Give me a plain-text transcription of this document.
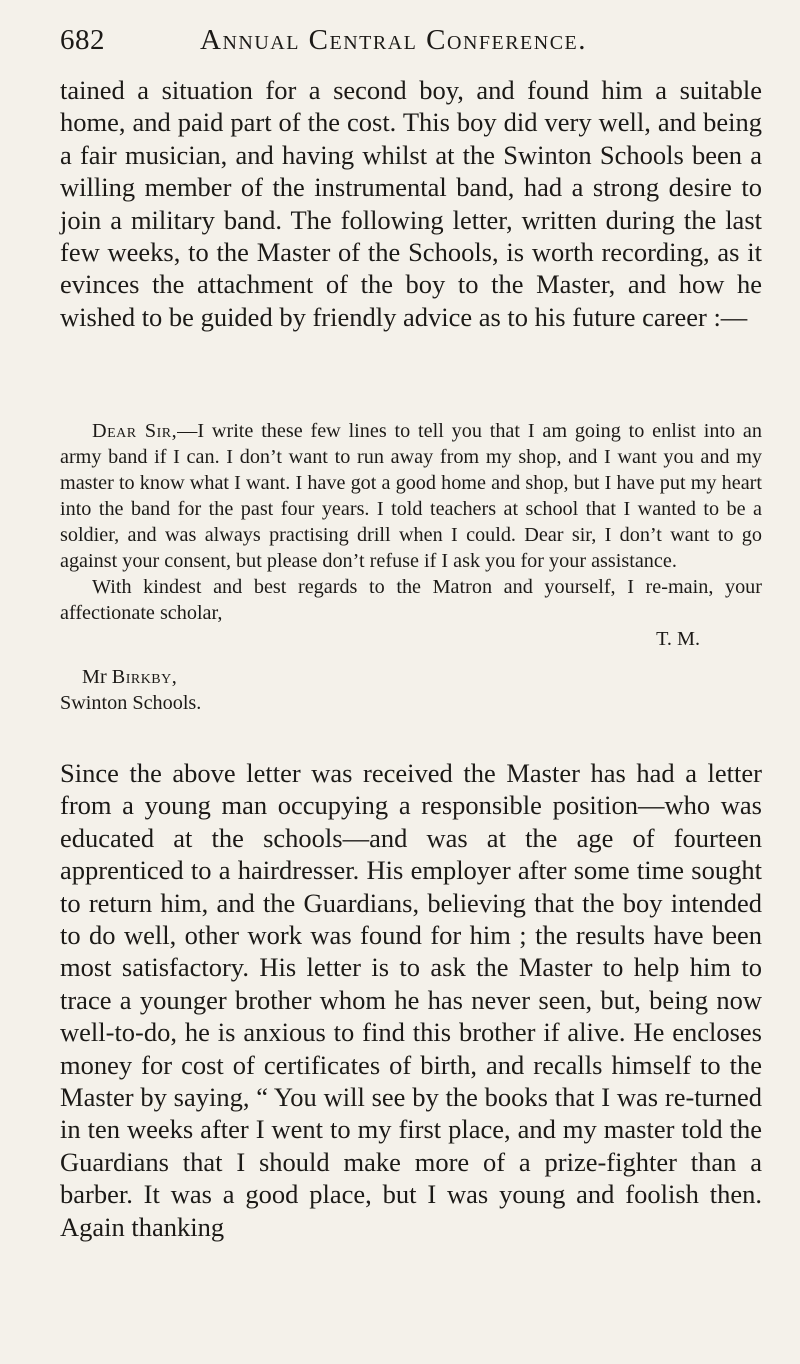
682	Annual Central Conference.

tained a situation for a second boy, and found him a suitable home, and paid part of the cost. This boy did very well, and being a fair musician, and having whilst at the Swinton Schools been a willing member of the instrumental band, had a strong desire to join a military band. The following letter, written during the last few weeks, to the Master of the Schools, is worth recording, as it evinces the attachment of the boy to the Master, and how he wished to be guided by friendly advice as to his future career :—

Dear Sir,—I write these few lines to tell you that I am going to enlist into an army band if I can. I don’t want to run away from my shop, and I want you and my master to know what I want. I have got a good home and shop, but I have put my heart into the band for the past four years. I told teachers at school that I wanted to be a soldier, and was always practising drill when I could. Dear sir, I don’t want to go against your consent, but please don’t refuse if I ask you for your assistance.

With kindest and best regards to the Matron and yourself, I re-main, your affectionate scholar,

T. M.

Mr Birkby,
Swinton Schools.

Since the above letter was received the Master has had a letter from a young man occupying a responsible position—who was educated at the schools—and was at the age of fourteen apprenticed to a hairdresser. His employer after some time sought to return him, and the Guardians, believing that the boy intended to do well, other work was found for him ; the results have been most satisfactory. His letter is to ask the Master to help him to trace a younger brother whom he has never seen, but, being now well-to-do, he is anxious to find this brother if alive. He encloses money for cost of certificates of birth, and recalls himself to the Master by saying, “ You will see by the books that I was re-turned in ten weeks after I went to my first place, and my master told the Guardians that I should make more of a prize-fighter than a barber. It was a good place, but I was young and foolish then. Again thanking
